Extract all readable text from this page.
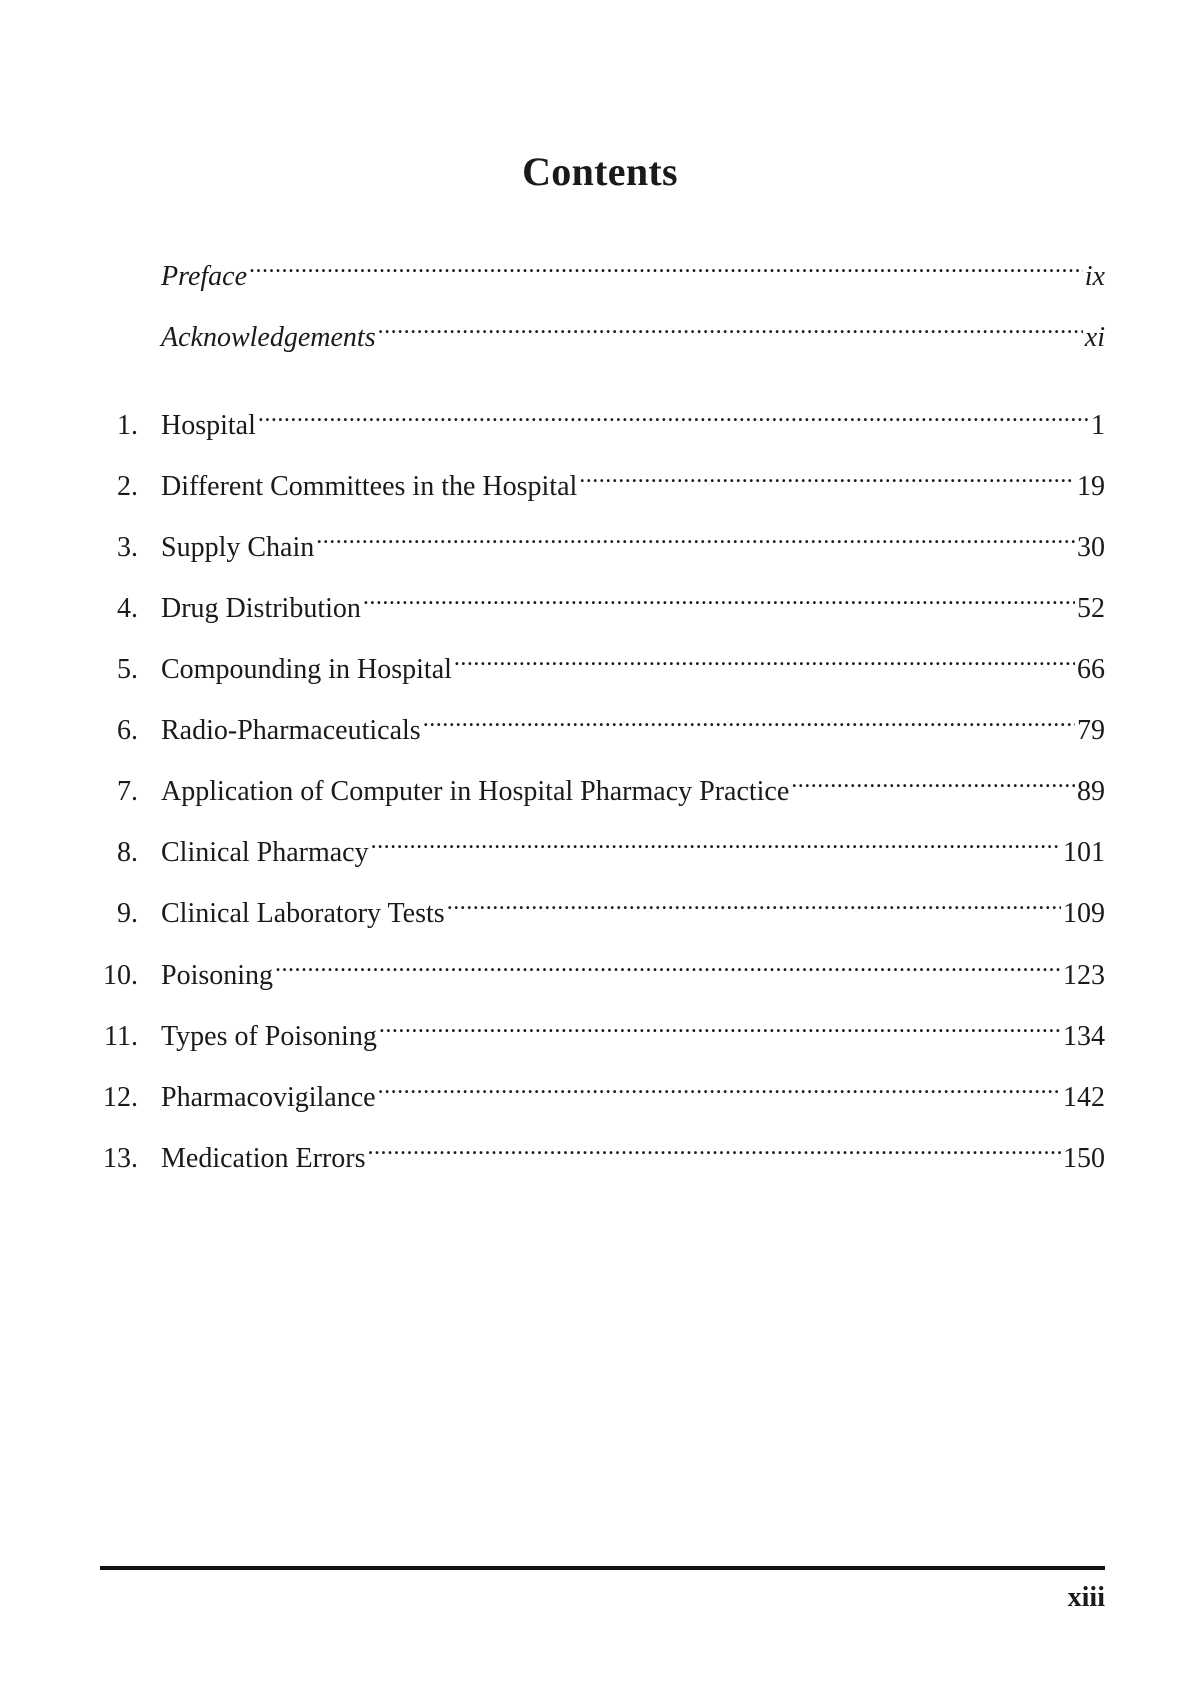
Contents
Preface .....	ix
Acknowledgements .....	xi
1. Hospital .....	1
2. Different Committees in the Hospital .....	19
3. Supply Chain .....	30
4. Drug Distribution .....	52
5. Compounding in Hospital .....	66
6. Radio-Pharmaceuticals .....	79
7. Application of Computer in Hospital Pharmacy Practice .....	89
8. Clinical Pharmacy .....	101
9. Clinical Laboratory Tests .....	109
10. Poisoning .....	123
11. Types of Poisoning .....	134
12. Pharmacovigilance .....	142
13. Medication Errors .....	150
xiii
